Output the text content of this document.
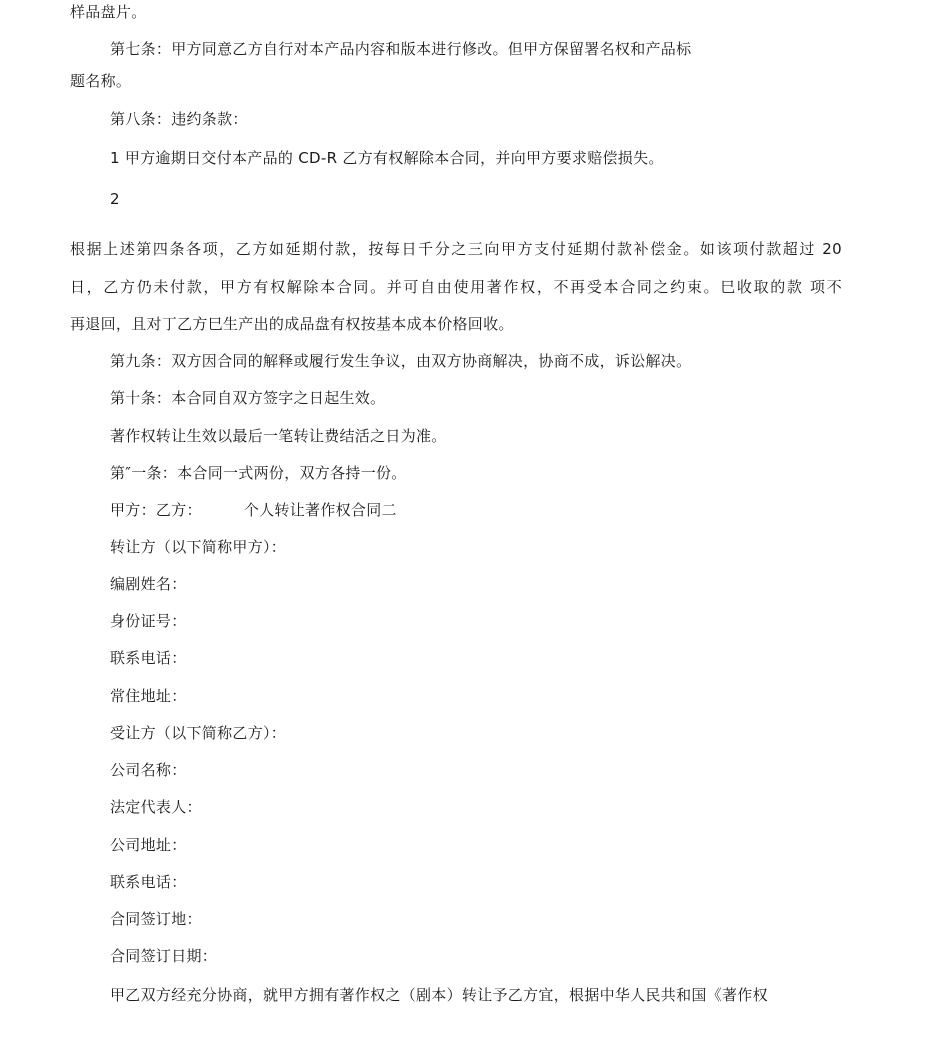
样品盘片。
第七条：甲方同意乙方自行对本产品内容和版本进行修改。但甲方保留署名权和产品标
题名称。
第八条：违约条款：
1 甲方逾期日交付本产品的 CD-R 乙方有权解除本合同，并向甲方要求赔偿损失。
2
根据上述第四条各项，乙方如延期付款，按每日千分之三向甲方支付延期付款补偿金。如该项付款超过 20
日，乙方仍未付款，甲方有权解除本合同。并可自由使用著作权，不再受本合同之约束。巳收取的款 项不
再退回，且对丁乙方巳生产出的成品盘有权按基本成本价格回收。
第九条：双方因合同的解释或履行发生争议，由双方协商解决，协商不成，诉讼解决。
第十条：本合同自双方签字之日起生效。
著作权转让生效以最后一笔转让费结活之日为准。
第″一条：本合同一式两份，双方各持一份。
甲方：乙方：	个人转让著作权合同二
转让方（以下简称甲方）：
编剧姓名：
身份证号：
联系电话：
常住地址：
受让方（以下简称乙方）：
公司名称：
法定代表人：
公司地址：
联系电话：
合同签订地：
合同签订日期：
甲乙双方经充分协商，就甲方拥有著作权之（剧本）转让予乙方宜，根据中华人民共和国《著作权
